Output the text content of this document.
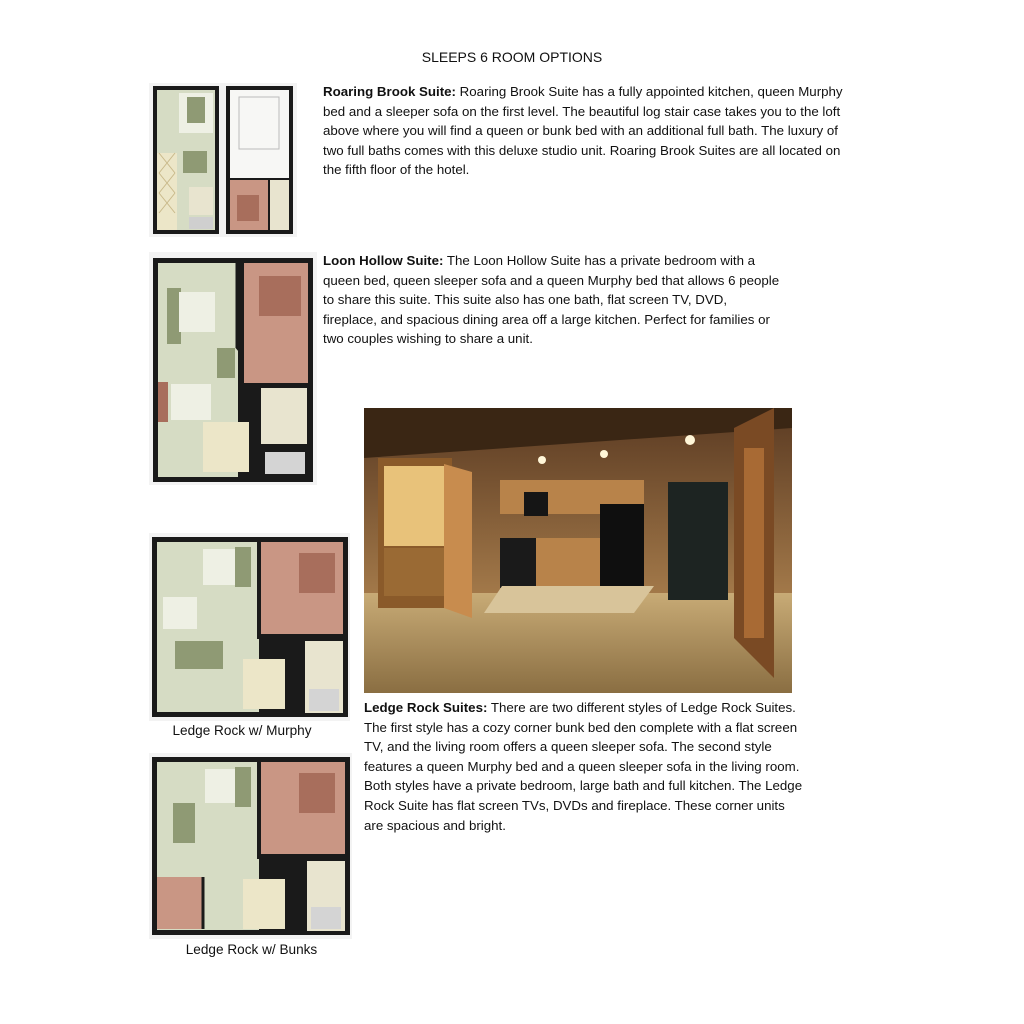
SLEEPS 6 ROOM OPTIONS

Roaring Brook Suite: Roaring Brook Suite has a fully appointed kitchen, queen Murphy bed and a sleeper sofa on the first level. The beautiful log stair case takes you to the loft above where you will find a queen or bunk bed with an additional full bath. The luxury of two full baths comes with this deluxe studio unit. Roaring Brook Suites are all located on the fifth floor of the hotel.

Loon Hollow Suite: The Loon Hollow Suite has a private bedroom with a queen bed, queen sleeper sofa and a queen Murphy bed that allows 6 people to share this suite. This suite also has one bath, flat screen TV, DVD, fireplace, and spacious dining area off a large kitchen. Perfect for families or two couples wishing to share a unit.

Ledge Rock w/ Murphy
Ledge Rock w/ Bunks

Ledge Rock Suites: There are two different styles of Ledge Rock Suites. The first style has a cozy corner bunk bed den complete with a flat screen TV, and the living room offers a queen sleeper sofa. The second style features a queen Murphy bed and a queen sleeper sofa in the living room. Both styles have a private bedroom, large bath and full kitchen. The Ledge Rock Suite has flat screen TVs, DVDs and fireplace. These corner units are spacious and bright.
